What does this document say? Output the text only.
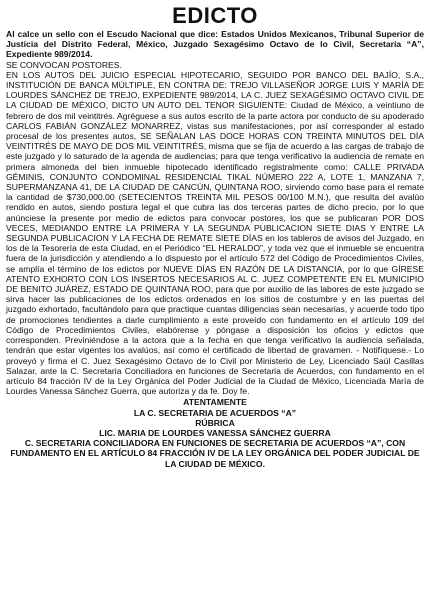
EDICTO
Al calce un sello con el Escudo Nacional que dice: Estados Unidos Mexicanos, Tribunal Superior de Justicia del Distrito Federal, México, Juzgado Sexagésimo Octavo de lo Civil, Secretaría “A”, Expediente 989/2014.
SE CONVOCAN POSTORES.
EN LOS AUTOS DEL JUICIO ESPECIAL HIPOTECARIO, SEGUIDO POR BANCO DEL BAJÍO, S.A., INSTITUCIÓN DE BANCA MÚLTIPLE, EN CONTRA DE: TREJO VILLASEÑOR JORGE LUIS Y MARÍA DE LOURDES SÁNCHEZ DE TREJO, EXPEDIENTE 989/2014, LA C. JUEZ SEXAGÉSIMO OCTAVO CIVIL DE LA CIUDAD DE MÉXICO, DICTO UN AUTO DEL TENOR SIGUIENTE: Ciudad de México, a veintiuno de febrero de dos mil veintitrés. Agréguese a sus autos escrito de la parte actora por conducto de su apoderado CARLOS FABIÁN GONZÁLEZ MONARREZ, vistas sus manifestaciones, por así corresponder al estado procesal de los presentes autos, SE SEÑALAN LAS DOCE HORAS CON TREINTA MINUTOS DEL DÍA VEINTITRÉS DE MAYO DE DOS MIL VEINTITRÉS, misma que se fija de acuerdo a las cargas de trabajo de este juzgado y lo saturado de la agenda de audiencias; para que tenga verificativo la audiencia de remate en primera almoneda del bien inmueble hipotecado identificado registralmente como: CALLE PRIVADA GÉMINIS, CONJUNTO CONDOMINAL RESIDENCIAL TIKAL NÚMERO 222 A, LOTE 1, MANZANA 7, SUPERMANZANA 41, DE LA CIUDAD DE CANCÚN, QUINTANA ROO, sirviendo como base para el remate la cantidad de $730,000.00 (SETECIENTOS TREINTA MIL PESOS 00/100 M.N.), que resulta del avalúo rendido en autos, siendo postura legal el que cubra las dos terceras partes de dicho precio, por lo que anúnciese la presente por medio de edictos para convocar postores, los que se publicaran POR DOS VECES, MEDIANDO ENTRE LA PRIMERA Y LA SEGUNDA PUBLICACION SIETE DIAS Y ENTRE LA SEGUNDA PUBLICACION Y LA FECHA DE REMATE SIETE DÍAS en los tableros de avisos del Juzgado, en los de la Tesorería de esta Ciudad, en el Periódico “EL HERALDO”, y toda vez que el inmueble se encuentra fuera de la jurisdicción y atendiendo a lo dispuesto por el artículo 572 del Código de Procedimientos Civiles, se amplía el término de los edictos por NUEVE DÍAS EN RAZÓN DE LA DISTANCIA, por lo que GÍRESE ATENTO EXHORTO CON LOS INSERTOS NECESARIOS AL C. JUEZ COMPETENTE EN EL MUNICIPIO DE BENITO JUÁREZ, ESTADO DE QUINTANA ROO, para que por auxilio de las labores de este juzgado se sirva hacer las publicaciones de los edictos ordenados en los sitios de costumbre y en las puertas del juzgado exhortado, facultándolo para que practique cuantas diligencias sean necesarias, y acuerde todo tipo de promociones tendientes a darle cumplimiento a este proveído con fundamento en el artículo 109 del Código de Procedimientos Civiles, elabórense y póngase a disposición los oficios y edictos que corresponden. Previniéndose a la actora que a la fecha en que tenga verificativo la audiencia señalada, tendrán que estar vigentes los avalúos, así como el certificado de libertad de gravamen. - Notifíquese.- Lo proveyó y firma el C. Juez Sexagésimo Octavo de lo Civil por Ministerio de Ley, Licenciado Saúl Casillas Salazar, ante la C. Secretaria Conciliadora en funciones de Secretaria de Acuerdos, con fundamento en el artículo 84 fracción IV de la Ley Orgánica del Poder Judicial de la Ciudad de México, Licenciada María de Lourdes Vanessa Sánchez Guerra, que autoriza y da fe. Doy fe.
ATENTAMENTE
LA C. SECRETARIA DE ACUERDOS “A”
RÚBRICA
LIC. MARIA DE LOURDES VANESSA SÁNCHEZ GUERRA
C. SECRETARIA CONCILIADORA EN FUNCIONES DE SECRETARIA DE ACUERDOS “A”, CON FUNDAMENTO EN EL ARTÍCULO 84 FRACCIÓN IV DE LA LEY ORGÁNICA DEL PODER JUDICIAL DE LA CIUDAD DE MÉXICO.
